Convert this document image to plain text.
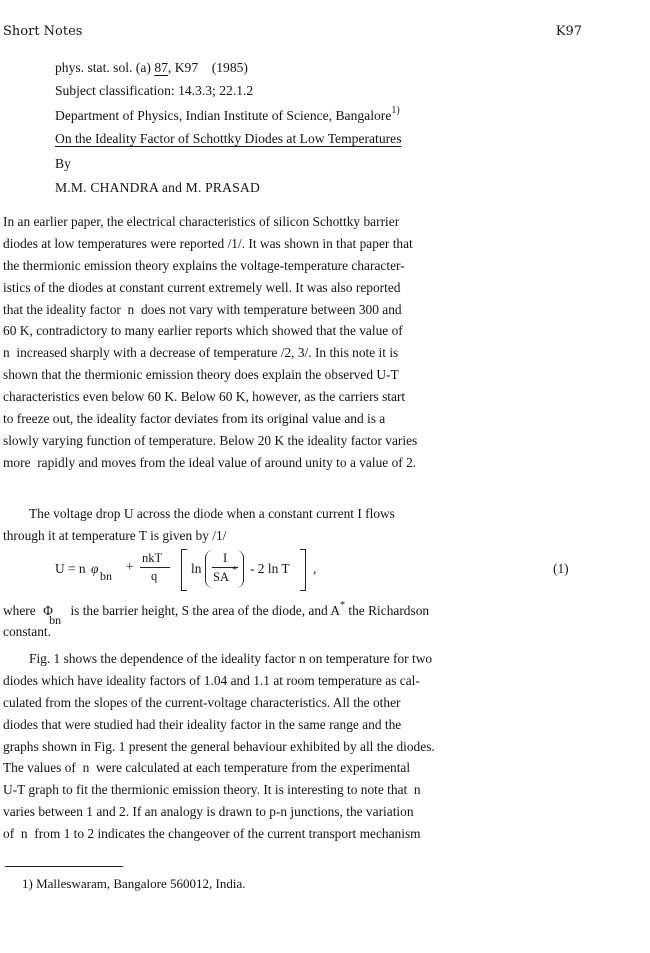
Short Notes	K97
phys. stat. sol. (a) 87, K97    (1985)
Subject classification: 14.3.3; 22.1.2
Department of Physics, Indian Institute of Science, Bangalore$^{1)}$
On the Ideality Factor of Schottky Diodes at Low Temperatures
By
M.M. CHANDRA and M. PRASAD
In an earlier paper, the electrical characteristics of silicon Schottky barrier
diodes at low temperatures were reported /1/. It was shown in that paper that
the thermionic emission theory explains the voltage-temperature character-
istics of the diodes at constant current extremely well. It was also reported
that the ideality factor  n  does not vary with temperature between 300 and
60 K, contradictory to many earlier reports which showed that the value of
n  increased sharply with a decrease of temperature /2, 3/. In this note it is
shown that the thermionic emission theory does explain the observed U-T
characteristics even below 60 K. Below 60 K, however, as the carriers start
to freeze out, the ideality factor deviates from its original value and is a
slowly varying function of temperature. Below 20 K the ideality factor varies
more  rapidly and moves from the ideal value of around unity to a value of 2.
The voltage drop U across the diode when a constant current I flows
through it at temperature T is given by /1/
U = n φ bn
+
nkT
q	ln
I
SA * - 2 ln T ,	(1)
where Φ
bn
is the barrier height, S the area of the diode, and A* the Richardson
constant.
Fig. 1 shows the dependence of the ideality factor n on temperature for two
diodes which have ideality factors of 1.04 and 1.1 at room temperature as cal-
culated from the slopes of the current-voltage characteristics. All the other
diodes that were studied had their ideality factor in the same range and the
graphs shown in Fig. 1 present the general behaviour exhibited by all the diodes.
The values of  n  were calculated at each temperature from the experimental
U-T graph to fit the thermionic emission theory. It is interesting to note that  n
varies between 1 and 2. If an analogy is drawn to p-n junctions, the variation
of  n  from 1 to 2 indicates the changeover of the current transport mechanism
1) Malleswaram, Bangalore 560012, India.
